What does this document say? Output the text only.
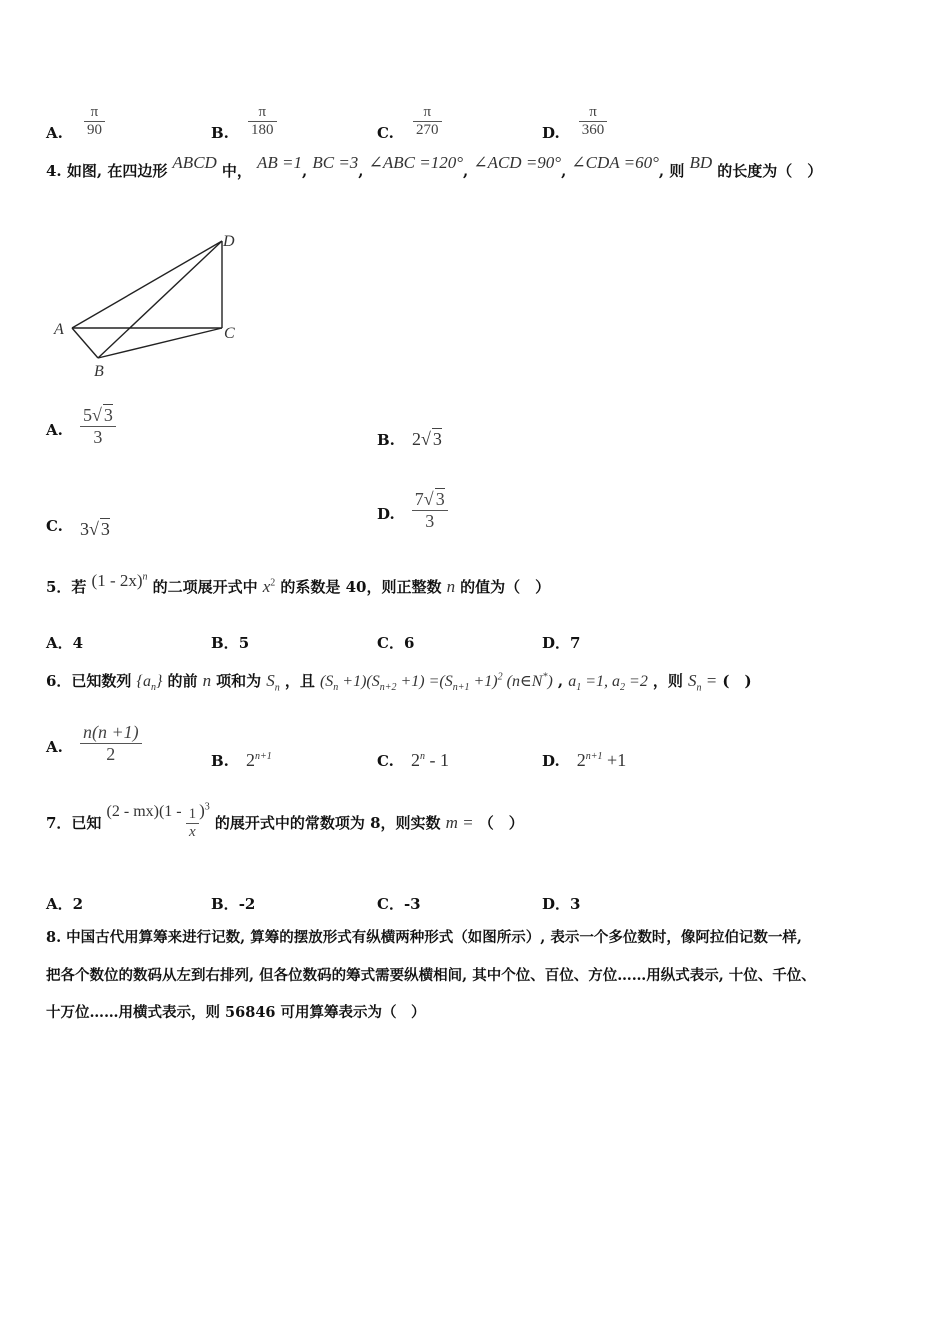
A. $\frac{\pi}{90}$	B. $\frac{\pi}{180}$	C. $\frac{\pi}{270}$	D. $\frac{\pi}{360}$
4. 如图, 在四边形 ABCD 中， AB =1, BC =3, ∠ABC =120°, ∠ACD =90°, ∠CDA =60°, 则 BD 的长度为（　）
A
B
C
D
A. $\frac{5√ 3}{3}$	B. 2√ 3
C. 3√ 3
D. $\frac{7√ 3}{3}$
5．若 (1 - 2x)$^n$ 的二项展开式中 $x^2$ 的系数是 40，则正整数 n 的值为（　）
A．4	B．5	C．6	D．7
6．已知数列 $\{a_n\}$ 的前 n 项和为 $S_n$ ，且 $(S_n +1)(S_{n+2} +1) =(S_{n+1} +1)^2$ (n∈N*) , $a_1 =1$, $a_2 =2$ ，则 $S_n$ = (　)
A. $\frac{n(n +1)}{2}$	B. $2^{n+1}$	C. 2$^n$ - 1	D. $2^{n+1} +1$
7．已知 $(2 - mx)(1 - \frac{1}{x} )^3$ 的展开式中的常数项为 8，则实数 m = （　）
A．2	B．-2	C．-3	D．3
8. 中国古代用算筹来进行记数, 算筹的摆放形式有纵横两种形式（如图所示）, 表示一个多位数时，像阿拉伯记数一样,
把各个数位的数码从左到右排列, 但各位数码的筹式需要纵横相间, 其中个位、百位、方位……用纵式表示, 十位、千位、
十万位……用横式表示，则 56846 可用算筹表示为（　）
